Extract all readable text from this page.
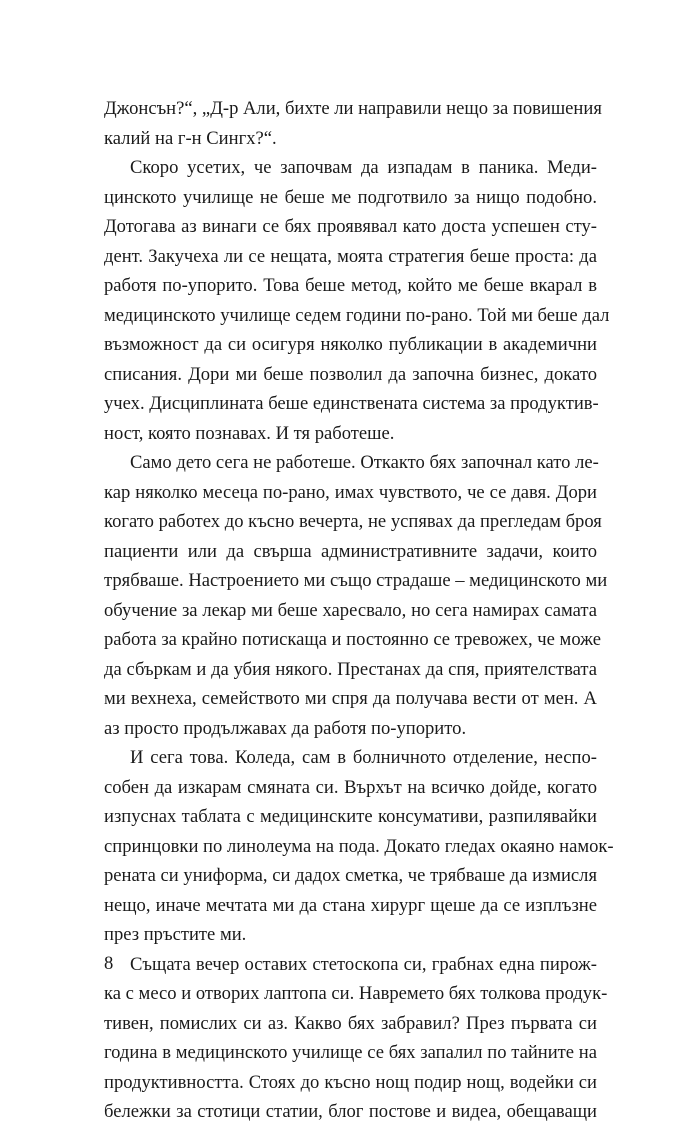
Джонсън?“, „Д-р Али, бихте ли направили нещо за повишения
калий на г-н Сингх?“.

Скоро усетих, че започвам да изпадам в паника. Меди-
цинското училище не беше ме подготвило за нищо подобно.
Дотогава аз винаги се бях проявявал като доста успешен сту-
дент. Закучеха ли се нещата, моята стратегия беше проста: да
работя по-упорито. Това беше метод, който ме беше вкарал в
медицинското училище седем години по-рано. Той ми беше дал
възможност да си осигуря няколко публикации в академични
списания. Дори ми беше позволил да започна бизнес, докато
учех. Дисциплината беше единствената система за продуктив-
ност, която познавах. И тя работеше.

Само дето сега не работеше. Откакто бях започнал като ле-
кар няколко месеца по-рано, имах чувството, че се давя. Дори
когато работех до късно вечерта, не успявах да прегледам броя
пациенти или да свърша административните задачи, които
трябваше. Настроението ми също страдаше – медицинското ми
обучение за лекар ми беше харесвало, но сега намирах самата
работа за крайно потискаща и постоянно се тревожех, че може
да сбъркам и да убия някого. Престанах да спя, приятелствата
ми вехнеха, семейството ми спря да получава вести от мен. А
аз просто продължавах да работя по-упорито.

И сега това. Коледа, сам в болничното отделение, неспо-
собен да изкарам смяната си. Върхът на всичко дойде, когато
изпуснах таблата с медицинските консумативи, разпилявайки
спринцовки по линолеума на пода. Докато гледах окаяно намок-
рената си униформа, си дадох сметка, че трябваше да измисля
нещо, иначе мечтата ми да стана хирург щеше да се изплъзне
през пръстите ми.

Същата вечер оставих стетоскопа си, грабнах една пирож-
ка с месо и отворих лаптопа си. Навремето бях толкова продук-
тивен, помислих си аз. Какво бях забравил? През първата си
година в медицинското училище се бях запалил по тайните на
продуктивността. Стоях до късно нощ подир нощ, водейки си
бележки за стотици статии, блог постове и видеа, обещаващи

8
